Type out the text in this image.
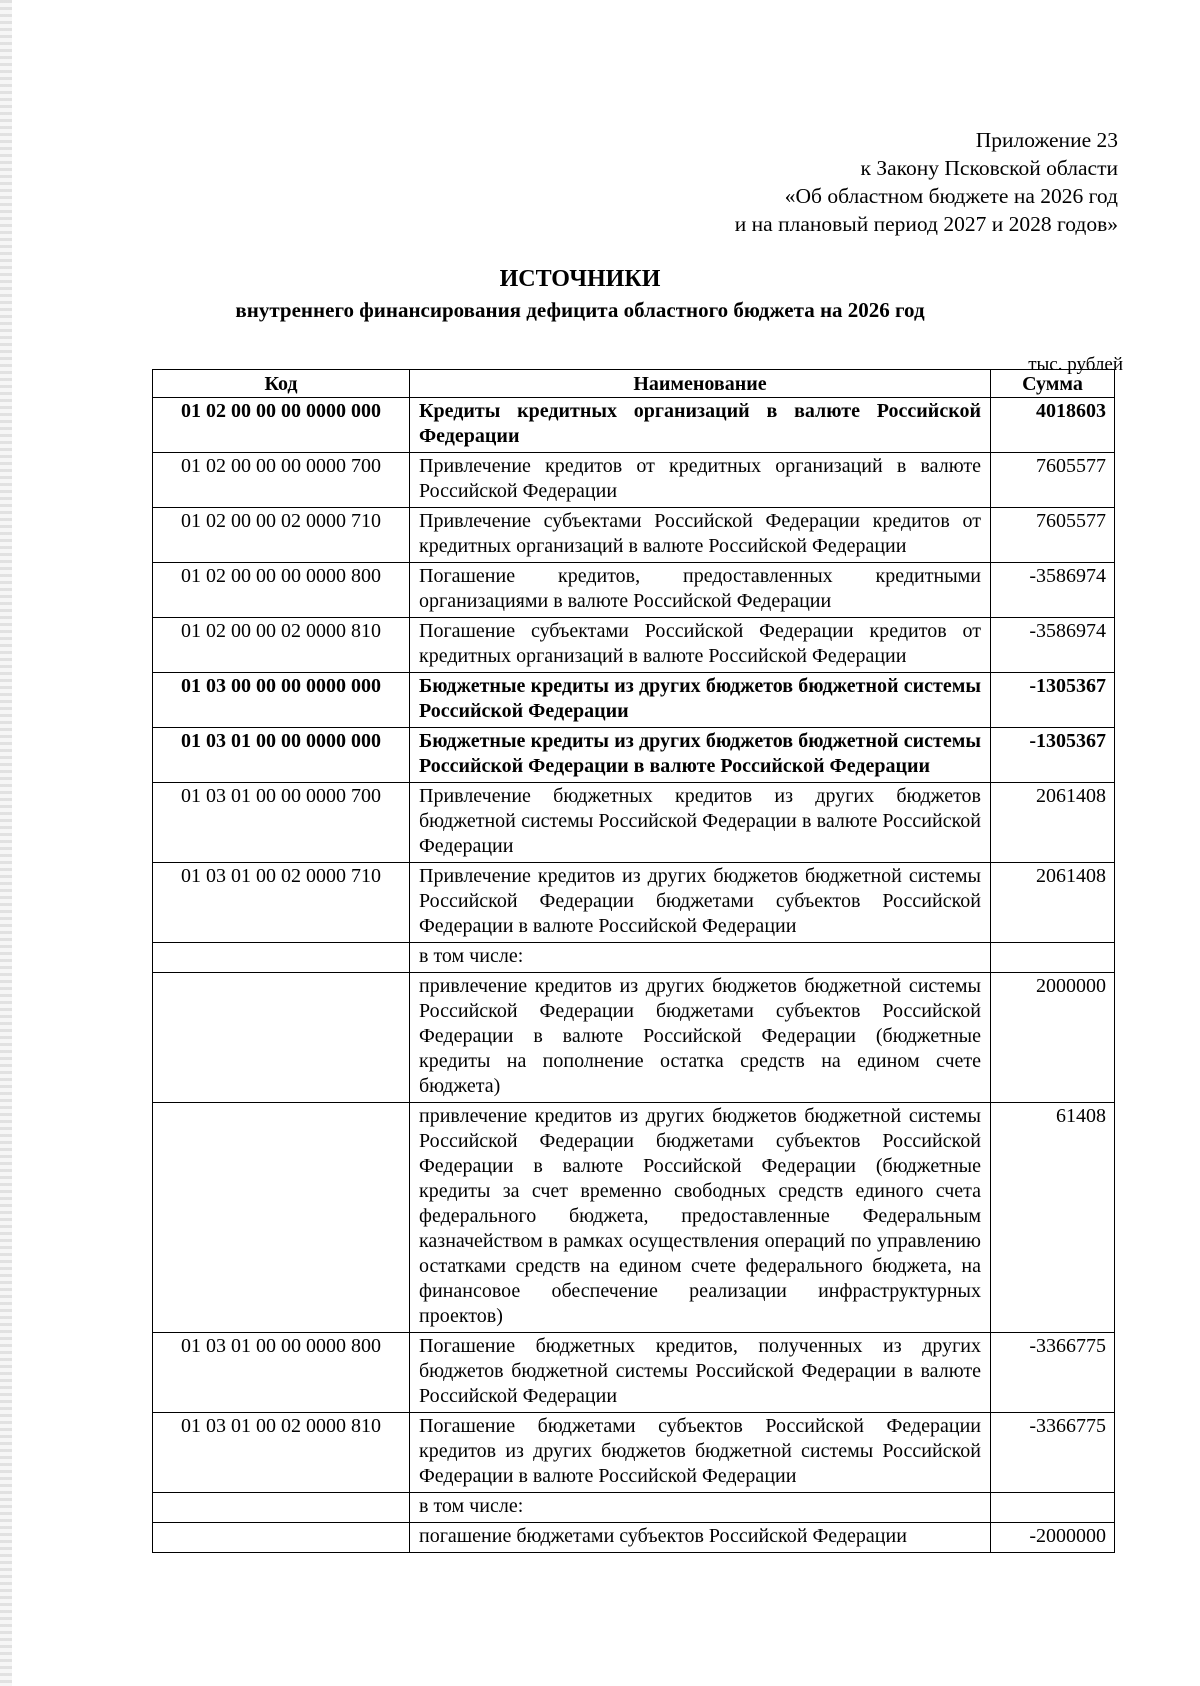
Приложение 23
к Закону Псковской области
«Об областном бюджете на 2026 год
и на плановый период 2027 и 2028 годов»
ИСТОЧНИКИ
внутреннего финансирования дефицита областного бюджета на 2026 год
тыс. рублей
Код	Наименование	Сумма
01 02 00 00 00 0000 000	Кредиты кредитных организаций в валюте Российской Федерации	4018603
01 02 00 00 00 0000 700	Привлечение кредитов от кредитных организаций в валюте Российской Федерации	7605577
01 02 00 00 02 0000 710	Привлечение субъектами Российской Федерации кредитов от кредитных организаций в валюте Российской Федерации	7605577
01 02 00 00 00 0000 800	Погашение кредитов, предоставленных кредитными организациями в валюте Российской Федерации	-3586974
01 02 00 00 02 0000 810	Погашение субъектами Российской Федерации кредитов от кредитных организаций в валюте Российской Федерации	-3586974
01 03 00 00 00 0000 000	Бюджетные кредиты из других бюджетов бюджетной системы Российской Федерации	-1305367
01 03 01 00 00 0000 000	Бюджетные кредиты из других бюджетов бюджетной системы Российской Федерации в валюте Российской Федерации	-1305367
01 03 01 00 00 0000 700	Привлечение бюджетных кредитов из других бюджетов бюджетной системы Российской Федерации в валюте Российской Федерации	2061408
01 03 01 00 02 0000 710	Привлечение кредитов из других бюджетов бюджетной системы Российской Федерации бюджетами субъектов Российской Федерации в валюте Российской Федерации	2061408
	в том числе:	
	привлечение кредитов из других бюджетов бюджетной системы Российской Федерации бюджетами субъектов Российской Федерации в валюте Российской Федерации (бюджетные кредиты на пополнение остатка средств на едином счете бюджета)	2000000
	привлечение кредитов из других бюджетов бюджетной системы Российской Федерации бюджетами субъектов Российской Федерации в валюте Российской Федерации (бюджетные кредиты за счет временно свободных средств единого счета федерального бюджета, предоставленные Федеральным казначейством в рамках осуществления операций по управлению остатками средств на едином счете федерального бюджета, на финансовое обеспечение реализации инфраструктурных проектов)	61408
01 03 01 00 00 0000 800	Погашение бюджетных кредитов, полученных из других бюджетов бюджетной системы Российской Федерации в валюте Российской Федерации	-3366775
01 03 01 00 02 0000 810	Погашение бюджетами субъектов Российской Федерации кредитов из других бюджетов бюджетной системы Российской Федерации в валюте Российской Федерации	-3366775
	в том числе:	
	погашение бюджетами субъектов Российской Федерации	-2000000
